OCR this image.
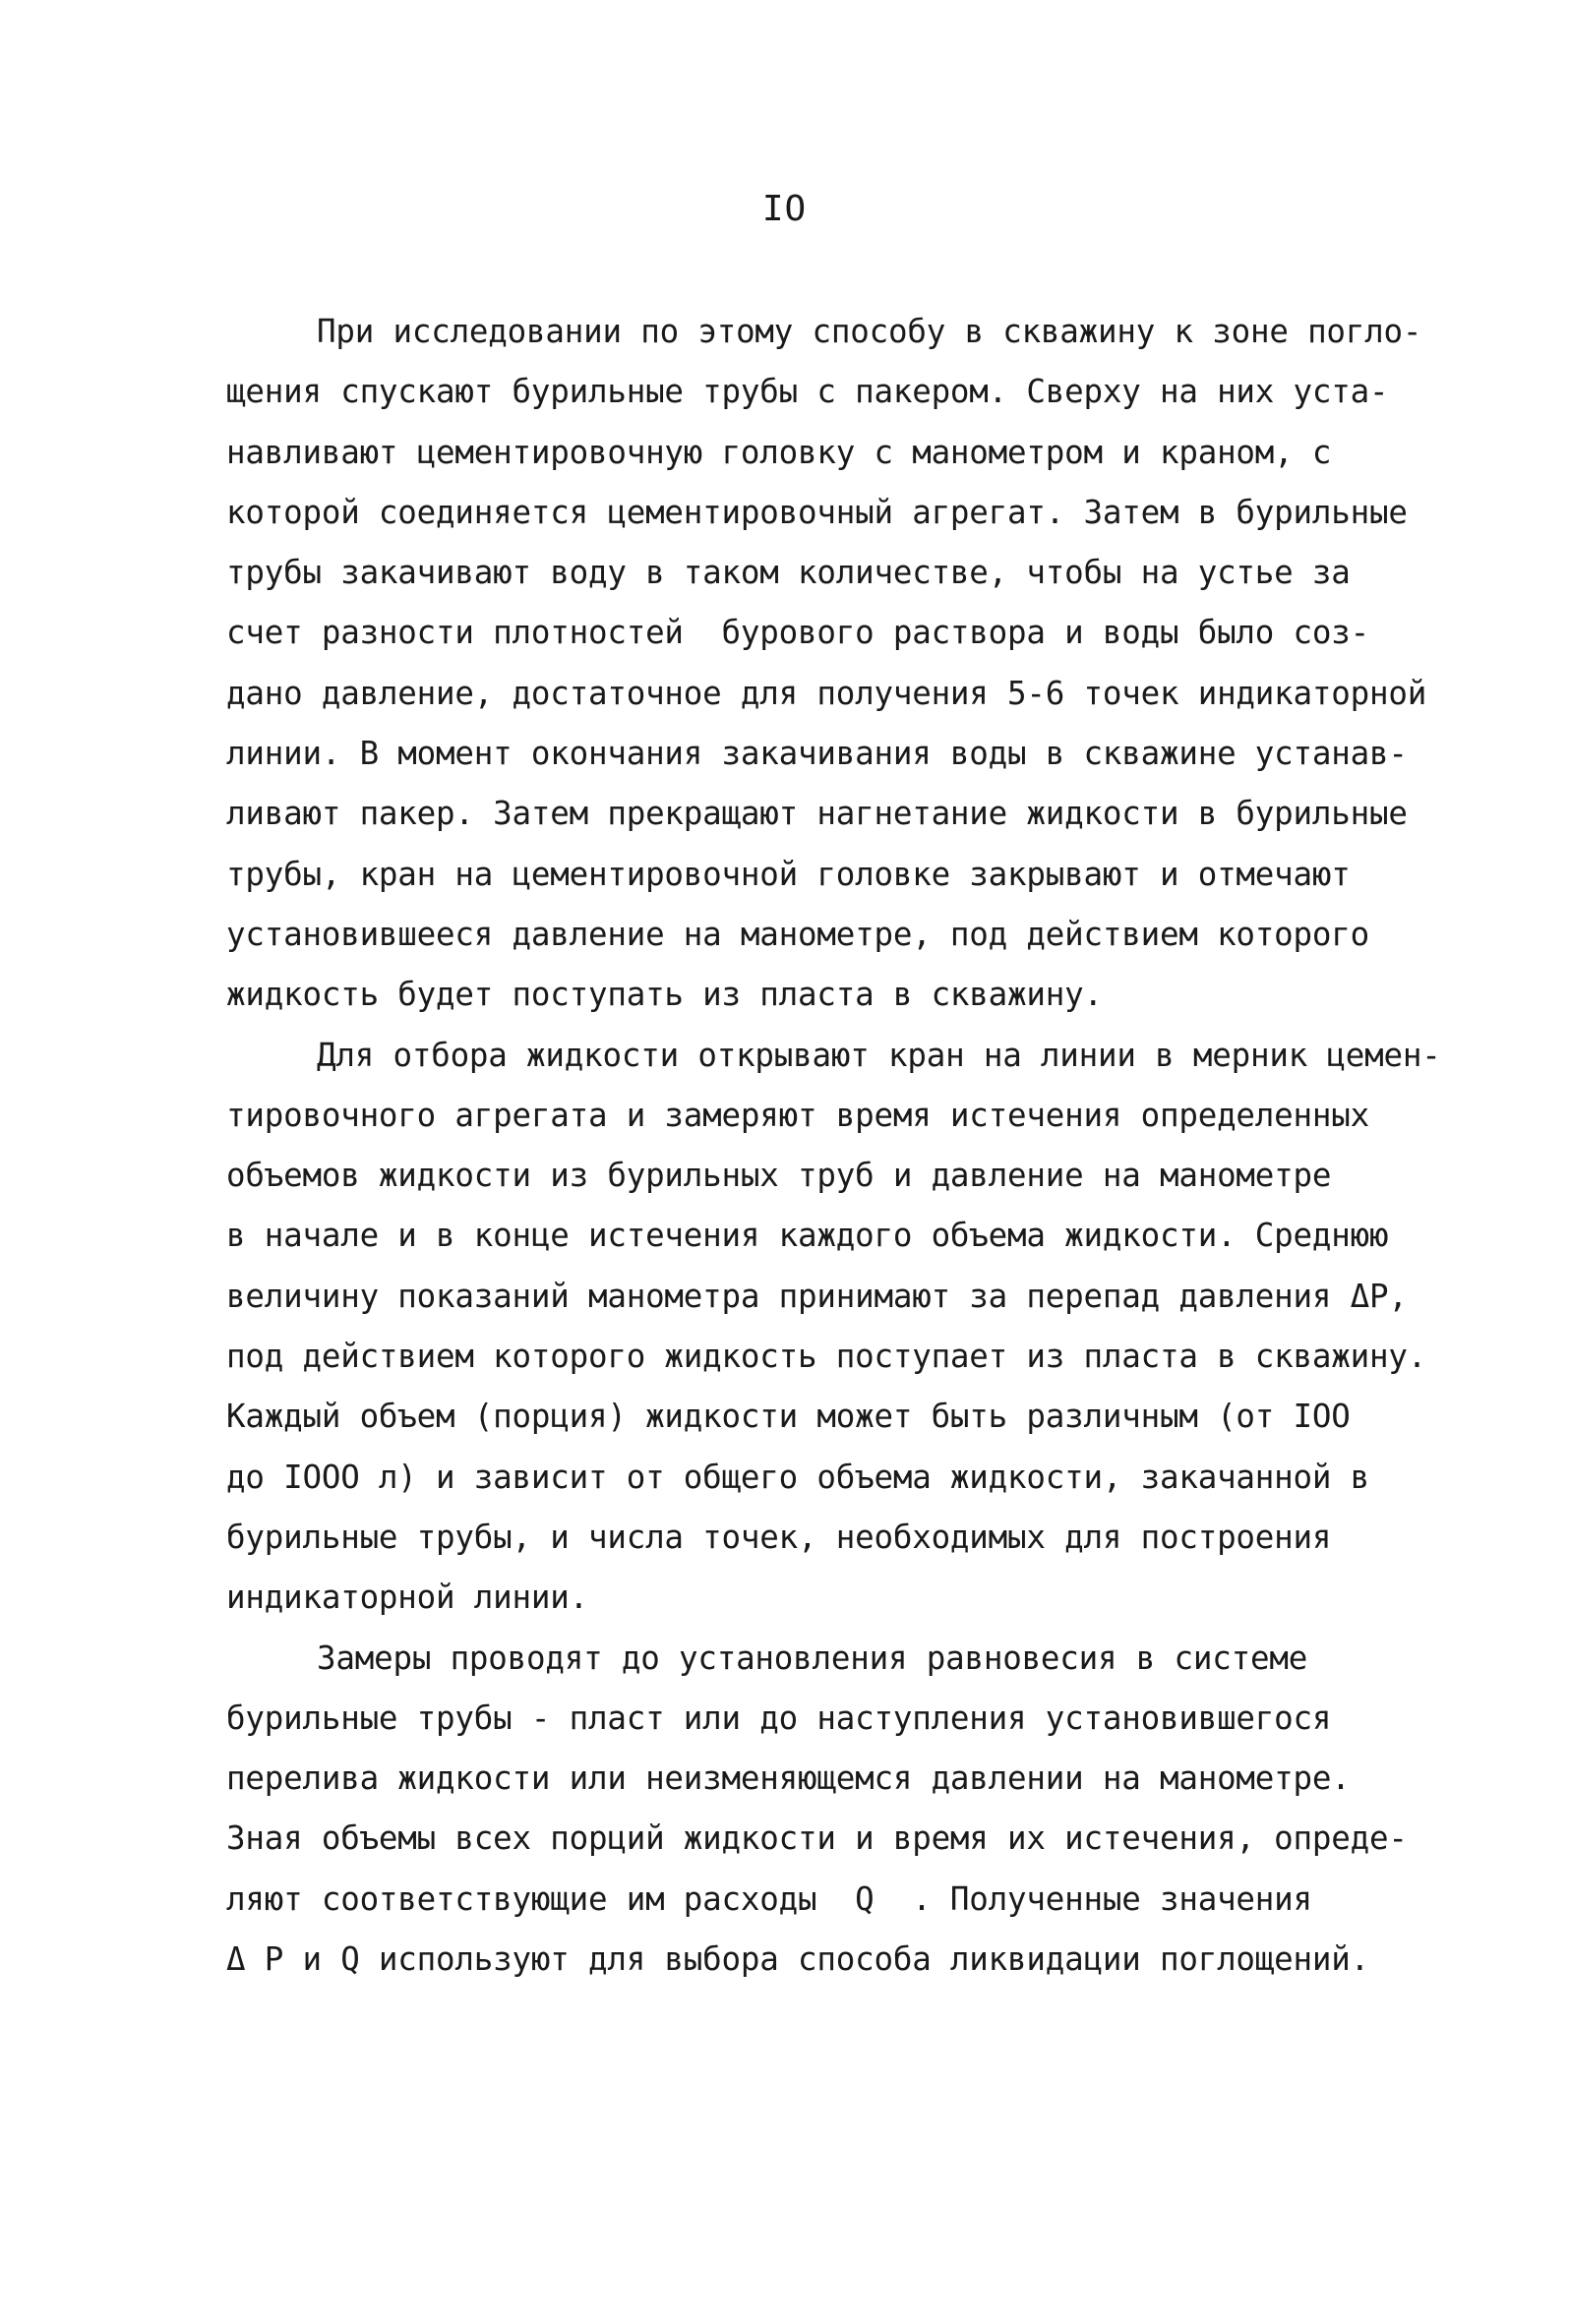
IO
При исследовании по этому способу в скважину к зоне погло-
щения спускают бурильные трубы с пакером. Сверху на них уста-
навливают цементировочную головку с манометром и краном, с
которой соединяется цементировочный агрегат. Затем в бурильные
трубы закачивают воду в таком количестве, чтобы на устье за
счет разности плотностей  бурового раствора и воды было соз-
дано давление, достаточное для получения 5-6 точек индикаторной
линии. В момент окончания закачивания воды в скважине устанав-
ливают пакер. Затем прекращают нагнетание жидкости в бурильные
трубы, кран на цементировочной головке закрывают и отмечают
установившееся давление на манометре, под действием которого
жидкость будет поступать из пласта в скважину.
Для отбора жидкости открывают кран на линии в мерник цемен-
тировочного агрегата и замеряют время истечения определенных
объемов жидкости из бурильных труб и давление на манометре
в начале и в конце истечения каждого объема жидкости. Среднюю
величину показаний манометра принимают за перепад давления ΔP,
под действием которого жидкость поступает из пласта в скважину.
Каждый объем (порция) жидкости может быть различным (от IOO
до IOOO л) и зависит от общего объема жидкости, закачанной в
бурильные трубы, и числа точек, необходимых для построения
индикаторной линии.
Замеры проводят до установления равновесия в системе
бурильные трубы - пласт или до наступления установившегося
перелива жидкости или неизменяющемся давлении на манометре.
Зная объемы всех порций жидкости и время их истечения, опреде-
ляют соответствующие им расходы  Q  . Полученные значения
Δ P и Q используют для выбора способа ликвидации поглощений.
